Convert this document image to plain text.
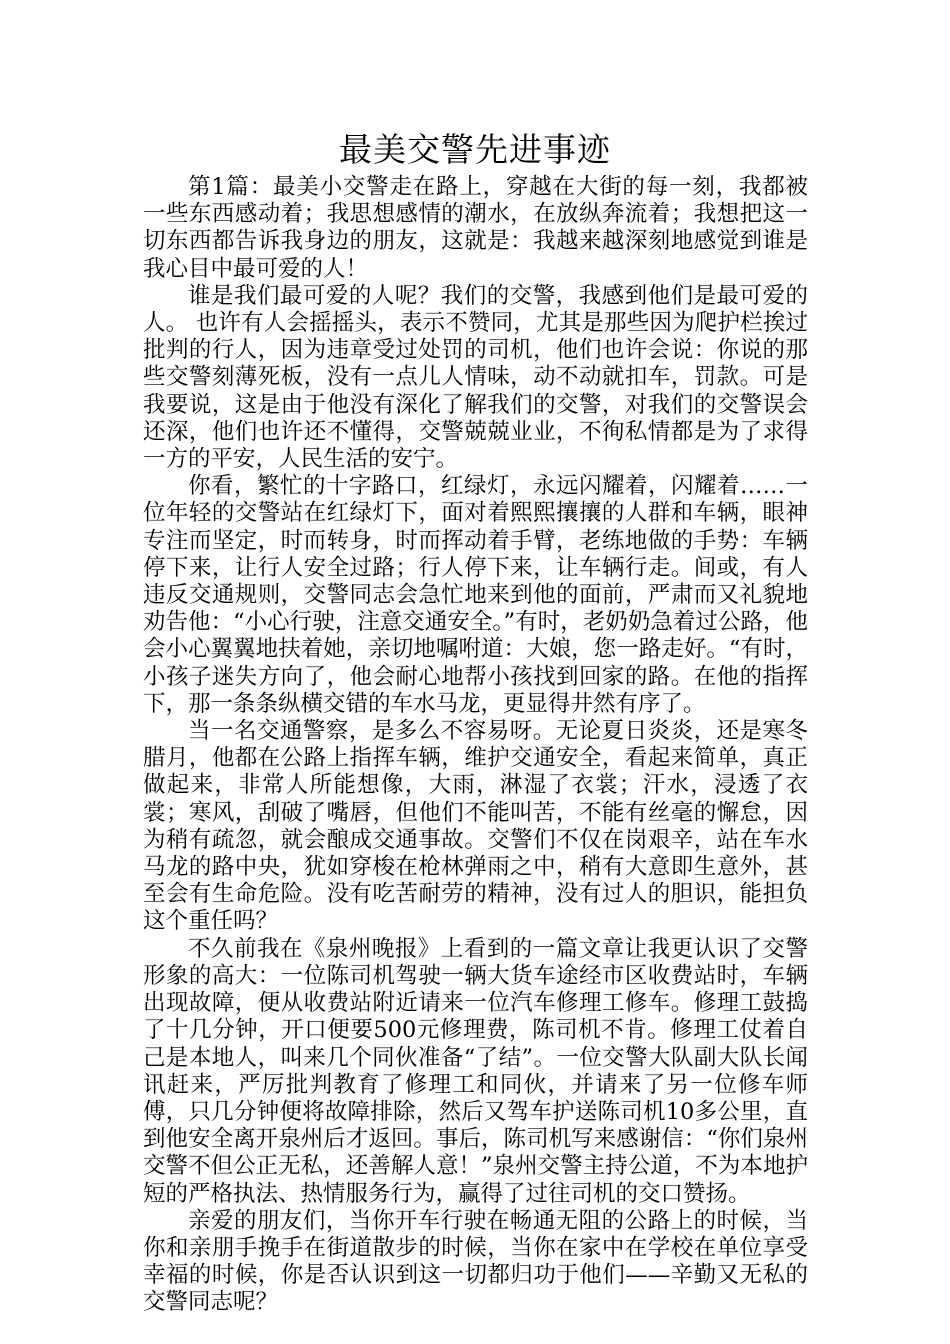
最美交警先进事迹

第1篇：最美小交警走在路上，穿越在大街的每一刻，我都被一些东西感动着；我思想感情的潮水，在放纵奔流着；我想把这一切东西都告诉我身边的朋友，这就是：我越来越深刻地感觉到谁是我心目中最可爱的人！

谁是我们最可爱的人呢？我们的交警，我感到他们是最可爱的人。 也许有人会摇摇头，表示不赞同，尤其是那些因为爬护栏挨过批判的行人，因为违章受过处罚的司机，他们也许会说：你说的那些交警刻薄死板，没有一点儿人情味，动不动就扣车，罚款。可是我要说，这是由于他没有深化了解我们的交警，对我们的交警误会还深，他们也许还不懂得，交警兢兢业业，不徇私情都是为了求得一方的平安，人民生活的安宁。

你看，繁忙的十字路口，红绿灯，永远闪耀着，闪耀着……一位年轻的交警站在红绿灯下，面对着熙熙攘攘的人群和车辆，眼神专注而坚定，时而转身，时而挥动着手臂，老练地做的手势：车辆停下来，让行人安全过路；行人停下来，让车辆行走。间或，有人违反交通规则，交警同志会急忙地来到他的面前，严肃而又礼貌地劝告他：“小心行驶，注意交通安全。”有时，老奶奶急着过公路，他会小心翼翼地扶着她，亲切地嘱咐道：大娘，您一路走好。“有时，小孩子迷失方向了，他会耐心地帮小孩找到回家的路。在他的指挥下，那一条条纵横交错的车水马龙，更显得井然有序了。

当一名交通警察，是多么不容易呀。无论夏日炎炎，还是寒冬腊月，他都在公路上指挥车辆，维护交通安全，看起来简单，真正做起来，非常人所能想像，大雨，淋湿了衣裳；汗水，浸透了衣裳；寒风，刮破了嘴唇，但他们不能叫苦，不能有丝毫的懈怠，因为稍有疏忽，就会酿成交通事故。交警们不仅在岗艰辛，站在车水马龙的路中央，犹如穿梭在枪林弹雨之中，稍有大意即生意外，甚至会有生命危险。没有吃苦耐劳的精神，没有过人的胆识，能担负这个重任吗？

不久前我在《泉州晚报》上看到的一篇文章让我更认识了交警形象的高大：一位陈司机驾驶一辆大货车途经市区收费站时，车辆出现故障，便从收费站附近请来一位汽车修理工修车。修理工鼓捣了十几分钟，开口便要500元修理费，陈司机不肯。修理工仗着自己是本地人，叫来几个同伙准备“了结”。一位交警大队副大队长闻讯赶来，严厉批判教育了修理工和同伙，并请来了另一位修车师傅，只几分钟便将故障排除，然后又驾车护送陈司机10多公里，直到他安全离开泉州后才返回。事后，陈司机写来感谢信：“你们泉州交警不但公正无私，还善解人意！”泉州交警主持公道，不为本地护短的严格执法、热情服务行为，赢得了过往司机的交口赞扬。

亲爱的朋友们，当你开车行驶在畅通无阻的公路上的时候，当你和亲朋手挽手在街道散步的时候，当你在家中在学校在单位享受幸福的时候，你是否认识到这一切都归功于他们——辛勤又无私的交警同志呢？
